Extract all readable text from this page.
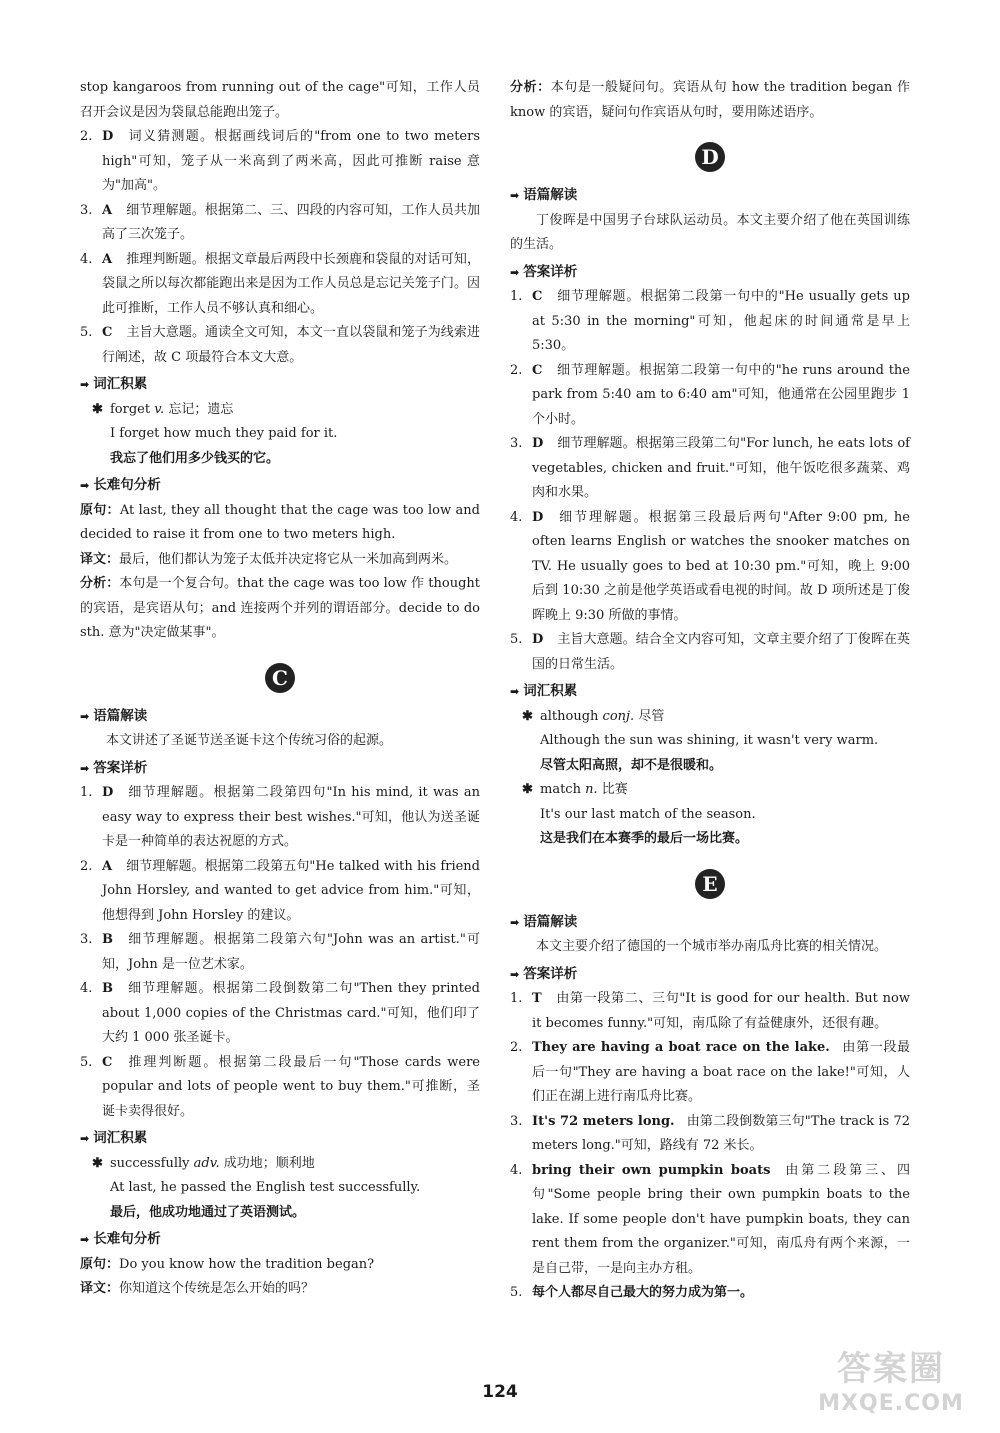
stop kangaroos from running out of the cage"可知，工作人员召开会议是因为袋鼠总能跑出笼子。

2. D 词义猜测题。根据画线词后的"from one to two meters high"可知，笼子从一米高到了两米高，因此可推断 raise 意为"加高"。

3. A 细节理解题。根据第二、三、四段的内容可知，工作人员共加高了三次笼子。

4. A 推理判断题。根据文章最后两段中长颈鹿和袋鼠的对话可知，袋鼠之所以每次都能跑出来是因为工作人员总是忘记关笼子门。因此可推断，工作人员不够认真和细心。

5. C 主旨大意题。通读全文可知，本文一直以袋鼠和笼子为线索进行阐述，故 C 项最符合本文大意。

➡ 词汇积累

✱ forget v. 忘记；遗忘

I forget how much they paid for it.

我忘了他们用多少钱买的它。

➡ 长难句分析

原句：At last, they all thought that the cage was too low and decided to raise it from one to two meters high.

译文：最后，他们都认为笼子太低并决定将它从一米加高到两米。

分析：本句是一个复合句。that the cage was too low 作 thought 的宾语，是宾语从句；and 连接两个并列的谓语部分。decide to do sth. 意为"决定做某事"。

C

➡ 语篇解读

本文讲述了圣诞节送圣诞卡这个传统习俗的起源。

➡ 答案详析

1. D 细节理解题。根据第二段第四句"In his mind, it was an easy way to express their best wishes."可知，他认为送圣诞卡是一种简单的表达祝愿的方式。

2. A 细节理解题。根据第二段第五句"He talked with his friend John Horsley, and wanted to get advice from him."可知，他想得到 John Horsley 的建议。

3. B 细节理解题。根据第二段第六句"John was an artist."可知，John 是一位艺术家。

4. B 细节理解题。根据第二段倒数第二句"Then they printed about 1,000 copies of the Christmas card."可知，他们印了大约 1 000 张圣诞卡。

5. C 推理判断题。根据第二段最后一句"Those cards were popular and lots of people went to buy them."可推断，圣诞卡卖得很好。

➡ 词汇积累

✱ successfully adv. 成功地；顺利地

At last, he passed the English test successfully.

最后，他成功地通过了英语测试。

➡ 长难句分析

原句：Do you know how the tradition began?

译文：你知道这个传统是怎么开始的吗？

分析：本句是一般疑问句。宾语从句 how the tradition began 作 know 的宾语，疑问句作宾语从句时，要用陈述语序。

D

➡ 语篇解读

丁俊晖是中国男子台球队运动员。本文主要介绍了他在英国训练的生活。

➡ 答案详析

1. C 细节理解题。根据第二段第一句中的"He usually gets up at 5:30 in the morning"可知，他起床的时间通常是早上 5:30。

2. C 细节理解题。根据第二段第一句中的"he runs around the park from 5:40 am to 6:40 am"可知，他通常在公园里跑步 1 个小时。

3. D 细节理解题。根据第三段第二句"For lunch, he eats lots of vegetables, chicken and fruit."可知，他午饭吃很多蔬菜、鸡肉和水果。

4. D 细节理解题。根据第三段最后两句"After 9:00 pm, he often learns English or watches the snooker matches on TV. He usually goes to bed at 10:30 pm."可知，晚上 9:00 后到 10:30 之前是他学英语或看电视的时间。故 D 项所述是丁俊晖晚上 9:30 所做的事情。

5. D 主旨大意题。结合全文内容可知，文章主要介绍了丁俊晖在英国的日常生活。

➡ 词汇积累

✱ although conj. 尽管

Although the sun was shining, it wasn't very warm.

尽管太阳高照，却不是很暖和。

✱ match n. 比赛

It's our last match of the season.

这是我们在本赛季的最后一场比赛。

E

➡ 语篇解读

本文主要介绍了德国的一个城市举办南瓜舟比赛的相关情况。

➡ 答案详析

1. T 由第一段第二、三句"It is good for our health. But now it becomes funny."可知，南瓜除了有益健康外，还很有趣。

2. They are having a boat race on the lake. 由第一段最后一句"They are having a boat race on the lake!"可知，人们正在湖上进行南瓜舟比赛。

3. It's 72 meters long. 由第二段倒数第三句"The track is 72 meters long."可知，路线有 72 米长。

4. bring their own pumpkin boats 由第二段第三、四句"Some people bring their own pumpkin boats to the lake. If some people don't have pumpkin boats, they can rent them from the organizer."可知，南瓜舟有两个来源，一是自己带，一是向主办方租。

5. 每个人都尽自己最大的努力成为第一。

124
答案圈
MXQE.COM
